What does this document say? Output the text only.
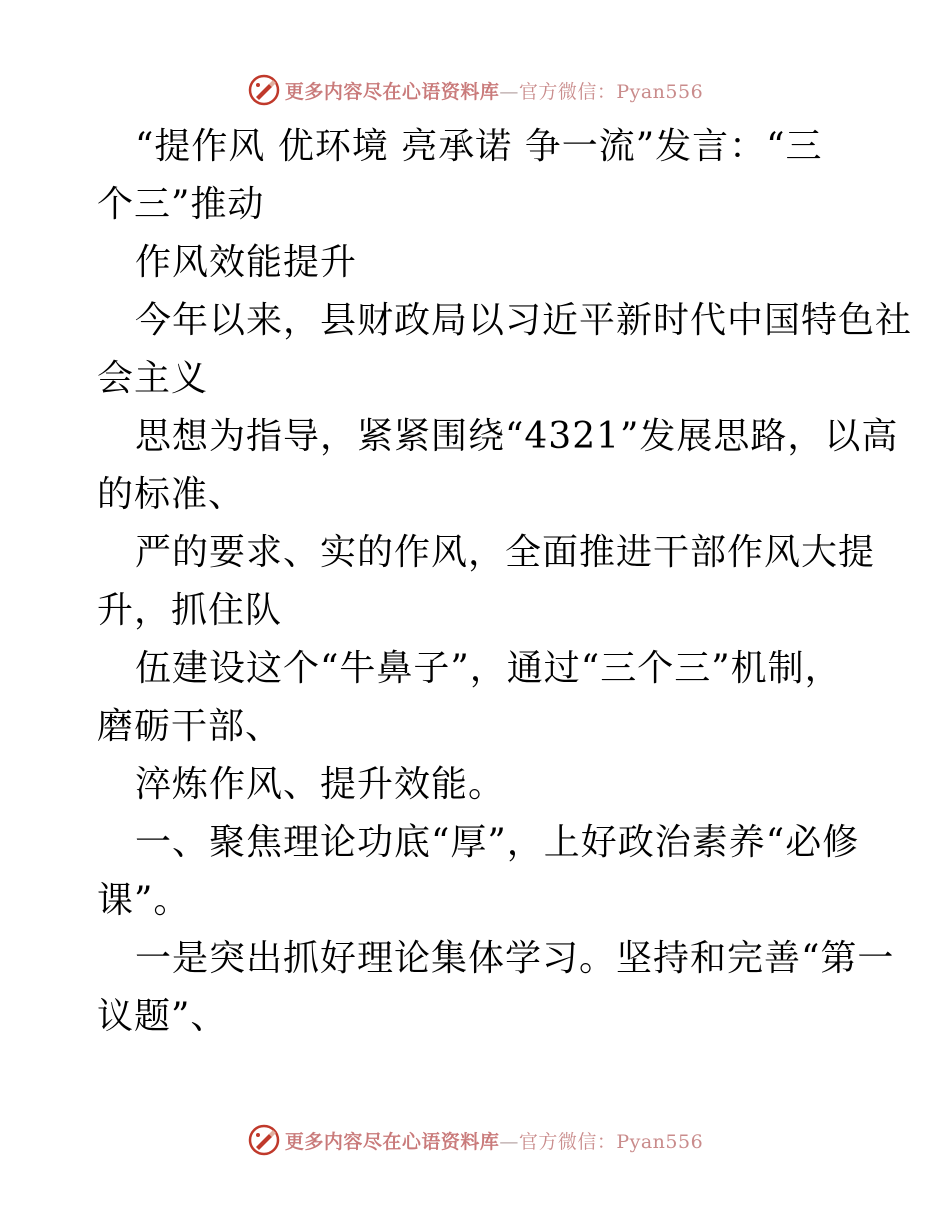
更多内容尽在心语资料库—官方微信：Pyan556
“提作风 优环境 亮承诺 争一流”发言：“三
个三”推动
作风效能提升
今年以来，县财政局以习近平新时代中国特色社
会主义
思想为指导，紧紧围绕“4321”发展思路，以高
的标准、
严的要求、实的作风，全面推进干部作风大提
升，抓住队
伍建设这个“牛鼻子”，通过“三个三”机制，
磨砺干部、
淬炼作风、提升效能。
一、聚焦理论功底“厚”，上好政治素养“必修
课”。
一是突出抓好理论集体学习。坚持和完善“第一
议题”、
更多内容尽在心语资料库—官方微信：Pyan556
